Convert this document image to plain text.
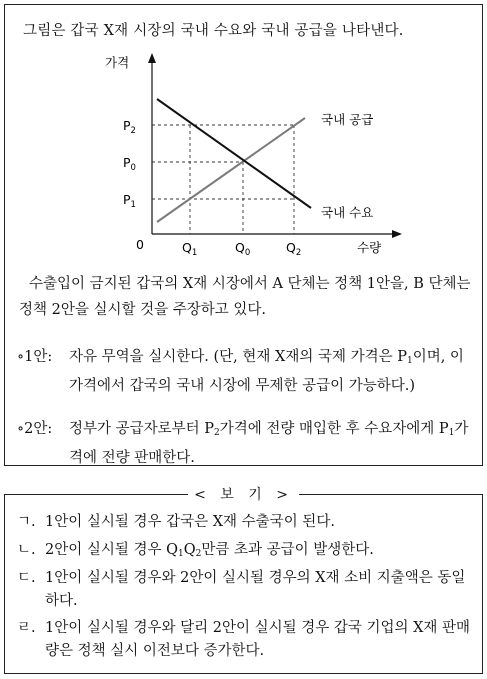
그림은 갑국 X재 시장의 국내 수요와 국내 공급을 나타낸다.
가격
수량
0
$P_2$
$P_0$
$P_1$
$Q_1$	$Q_0$	$Q_2$
국내 공급
국내 수요
수출입이 금지된 갑국의 X재 시장에서 A 단체는 정책 1안을, B 단체는 정책 2안을 실시할 것을 주장하고 있다.
∘1안: 자유 무역을 실시한다. (단, 현재 X재의 국제 가격은 $P_1$이며, 이 가격에서 갑국의 국내 시장에 무제한 공급이 가능하다.)
∘2안: 정부가 공급자로부터 $P_2$가격에 전량 매입한 후 수요자에게 $P_1$가격에 전량 판매한다.
< 보 기 >
ㄱ. 1안이 실시될 경우 갑국은 X재 수출국이 된다.
ㄴ. 2안이 실시될 경우 $Q_1Q_2$만큼 초과 공급이 발생한다.
ㄷ. 1안이 실시될 경우와 2안이 실시될 경우의 X재 소비 지출액은 동일하다.
ㄹ. 1안이 실시될 경우와 달리 2안이 실시될 경우 갑국 기업의 X재 판매량은 정책 실시 이전보다 증가한다.
